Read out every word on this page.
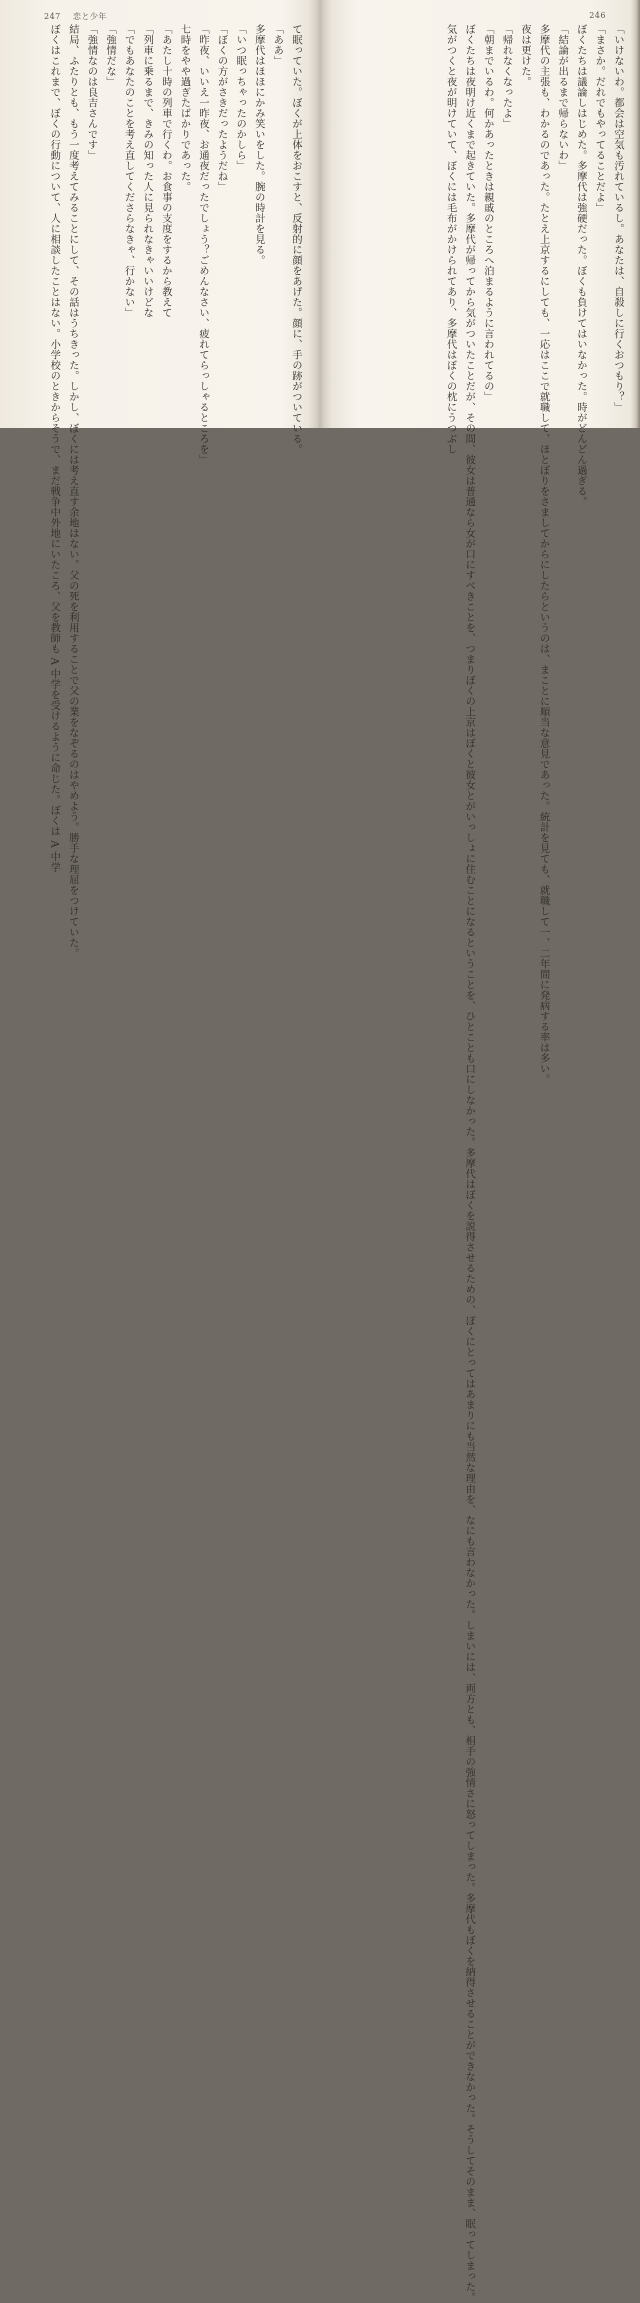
247 恋と少年
て眠っていた。ぼくが上体をおこすと、反射的に顔をあげた。顔に、手の跡がついている。
「ああ」
多摩代はほほにかみ笑いをした。腕の時計を見る。
「いつ眠っちゃったのかしら」
「ぼくの方がさきだったようだね」
「昨夜、いいえ一昨夜、お通夜だったでしょう？ごめんなさい、疲れてらっしゃるところを」
七時をやや過ぎたばかりであった。
「あたし十時の列車で行くわ。お食事の支度をするから教えて
「列車に乗るまで、きみの知った人に見られなきゃいいけどな
「でもあなたのことを考え直してくださらなきゃ、行かない」
「強情だな」
「強情なのは良吉さんです」
結局、ふたりとも、もう一度考えてみることにして、その話はうちきった。しかし、ぼくには考え直す余地はない。父の死を利用することで父の業をなぞるのはやめよう。勝手な理屈をつけていた。
ぼくはこれまで、ぼくの行動について、人に相談したことはない。小学校のときからそうで、まだ戦争中外地にいたころ、父を教師も A 中学を受けるように命じた。ぼくは A 中学
246
「いけないわ。都会は空気も汚れているし。あなたは、自殺しに行くおつもり？」
「まさか。だれでもやってることだよ」
ぼくたちは議論しはじめた。多摩代は強硬だった。ぼくも負けてはいなかった。時がどんどん過ぎる。
「結論が出るまで帰らないわ」
多摩代の主張も、わかるのであった。たとえ上京するにしても、一応はここで就職して、ほとぼりをさましてからにしたらというのは、まことに順当な意見であった。統計を見ても、就職して一、二年間に発病する率は多い。
夜は更けた。
「帰れなくなったよ」
「朝までいるわ。何かあったときは親戚のところへ泊まるように言われてるの」
ぼくたちは夜明け近くまで起きていた。多摩代が帰ってから気がついたことだが、その間、彼女は普通なら女が口にすべきことを、つまりぼくの上京はぼくと彼女とがいっしょに住むことになるということを、ひとことも口にしなかった。多摩代はぼくを説得させるための、ぼくにとってはあまりにも当然な理由を、なにも言わなかった。しまいには、両方とも、相手の強情さに怒ってしまった。多摩代もぼくを納得させることができなかった。そうしてそのまま、眠ってしまった。
気がつくと夜が明けていて、ぼくには毛布がかけられてあり、多摩代はぼくの枕にうつぶし
